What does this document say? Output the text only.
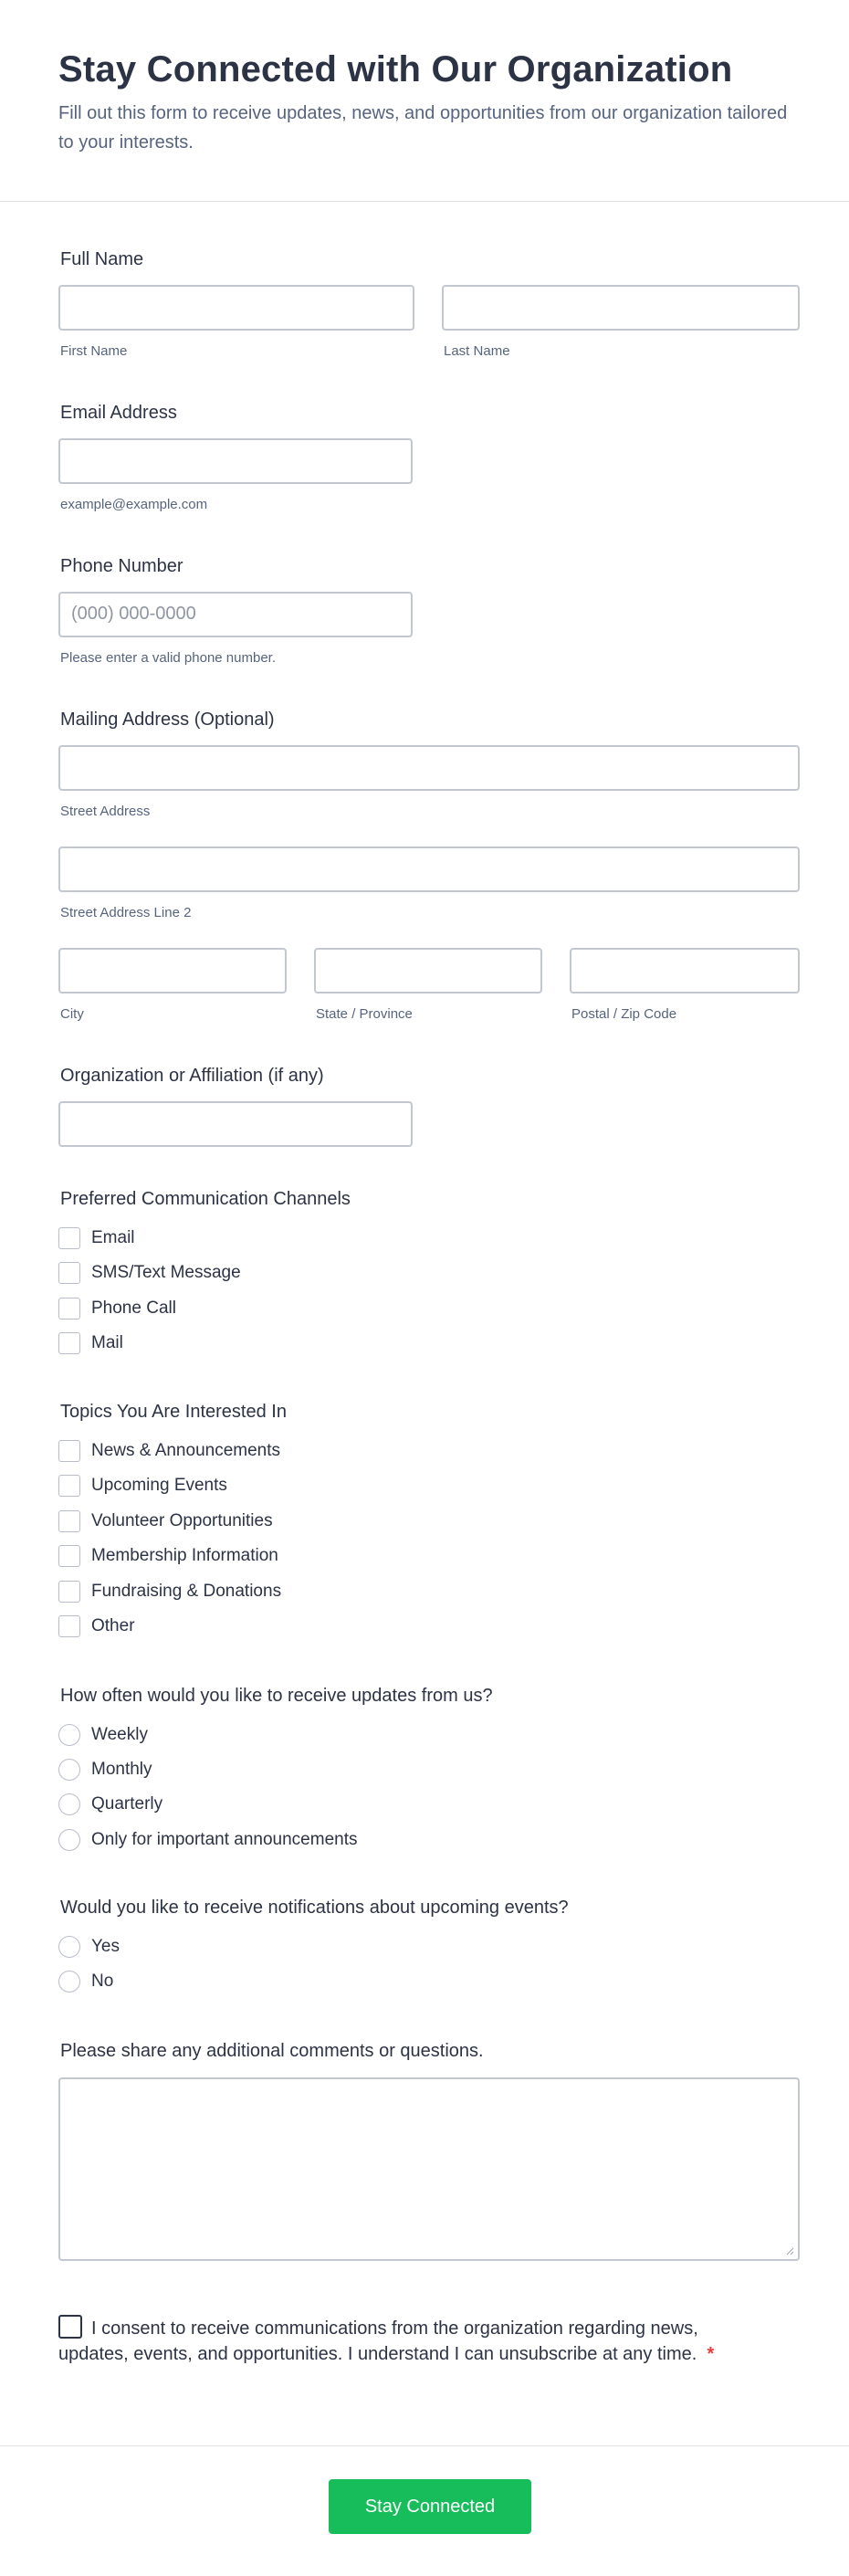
Stay Connected with Our Organization
Fill out this form to receive updates, news, and opportunities from our organization tailored to your interests.
Full Name
First Name	Last Name
Email Address
example@example.com
Phone Number
(000) 000-0000
Please enter a valid phone number.
Mailing Address (Optional)
Street Address
Street Address Line 2
City	State / Province	Postal / Zip Code
Organization or Affiliation (if any)
Preferred Communication Channels
Email
SMS/Text Message
Phone Call
Mail
Topics You Are Interested In
News & Announcements
Upcoming Events
Volunteer Opportunities
Membership Information
Fundraising & Donations
Other
How often would you like to receive updates from us?
Weekly
Monthly
Quarterly
Only for important announcements
Would you like to receive notifications about upcoming events?
Yes
No
Please share any additional comments or questions.
I consent to receive communications from the organization regarding news, updates, events, and opportunities. I understand I can unsubscribe at any time. *
Stay Connected
